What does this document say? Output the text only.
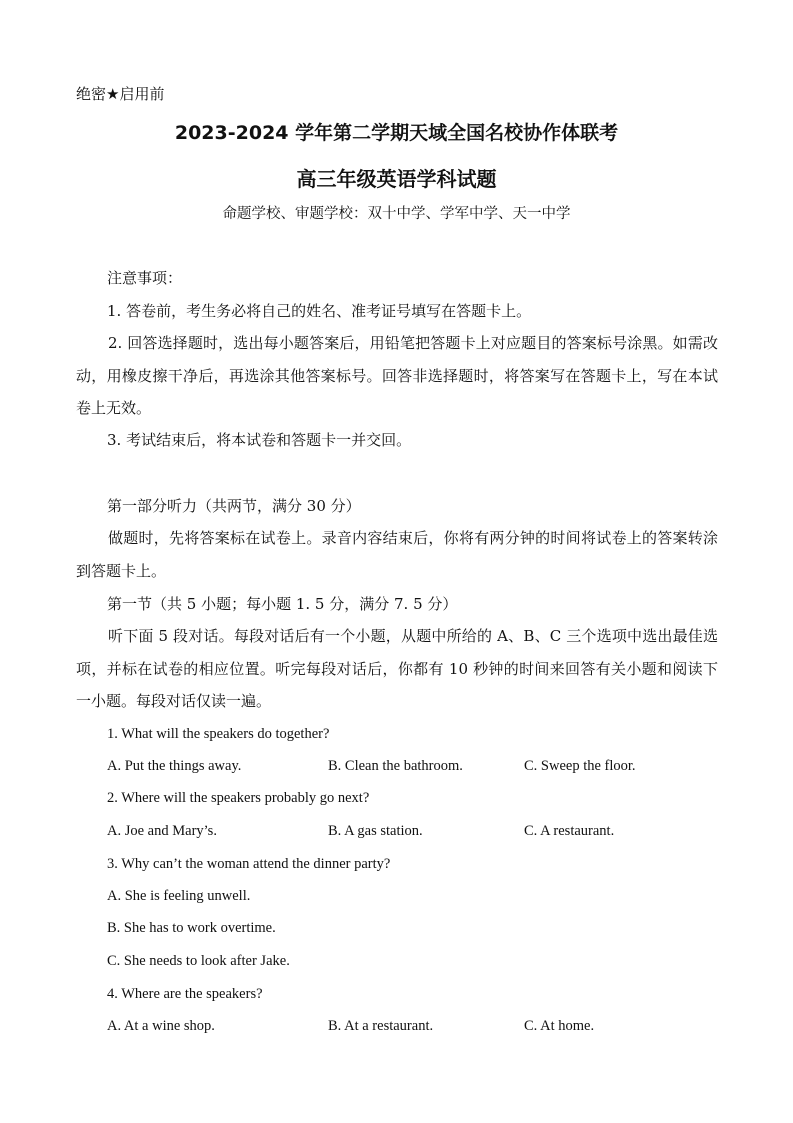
绝密★启用前
2023-2024 学年第二学期天域全国名校协作体联考
高三年级英语学科试题
命题学校、审题学校：双十中学、学军中学、天一中学
注意事项：
1. 答卷前，考生务必将自己的姓名、准考证号填写在答题卡上。
2. 回答选择题时，选出每小题答案后，用铅笔把答题卡上对应题目的答案标号涂黑。如需改动，用橡皮擦干净后，再选涂其他答案标号。回答非选择题时，将答案写在答题卡上，写在本试卷上无效。
3. 考试结束后，将本试卷和答题卡一并交回。
第一部分听力（共两节，满分 30 分）
做题时，先将答案标在试卷上。录音内容结束后，你将有两分钟的时间将试卷上的答案转涂到答题卡上。
第一节（共 5 小题；每小题 1. 5 分，满分 7. 5 分）
听下面 5 段对话。每段对话后有一个小题，从题中所给的 A、B、C 三个选项中选出最佳选项，并标在试卷的相应位置。听完每段对话后，你都有 10 秒钟的时间来回答有关小题和阅读下一小题。每段对话仅读一遍。
1. What will the speakers do together?
A. Put the things away.	B. Clean the bathroom.	C. Sweep the floor.
2. Where will the speakers probably go next?
A. Joe and Mary’s.	B. A gas station.	C. A restaurant.
3. Why can’t the woman attend the dinner party?
A. She is feeling unwell.
B. She has to work overtime.
C. She needs to look after Jake.
4. Where are the speakers?
A. At a wine shop.	B. At a restaurant.	C. At home.
